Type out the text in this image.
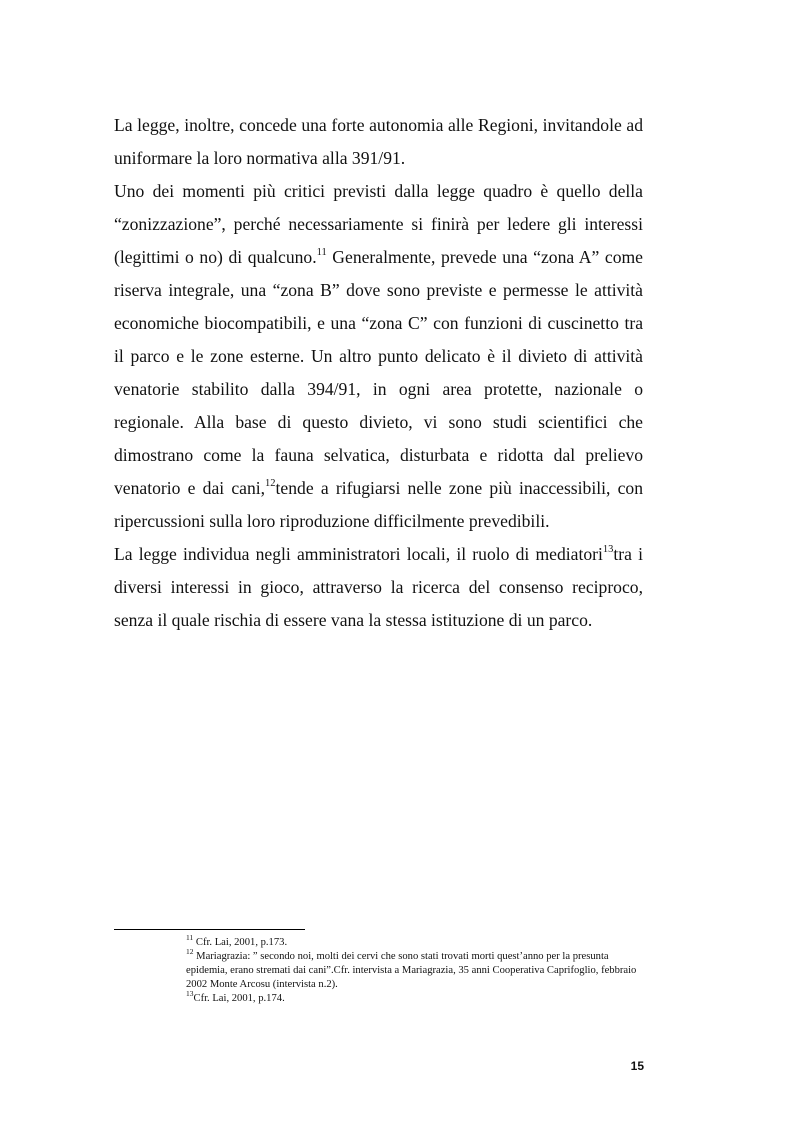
La legge, inoltre, concede una forte autonomia alle Regioni, invitandole ad uniformare la loro normativa alla 391/91.

Uno dei momenti più critici previsti dalla legge quadro è quello della “zonizzazione”, perché necessariamente si finirà per ledere gli interessi (legittimi o no) di qualcuno.$^{11}$ Generalmente, prevede una “zona A” come riserva integrale, una “zona B” dove sono previste e permesse le attività economiche biocompatibili, e una “zona C” con funzioni di cuscinetto tra il parco e le zone esterne. Un altro punto delicato è il divieto di attività venatorie stabilito dalla 394/91, in ogni area protette, nazionale o regionale. Alla base di questo divieto, vi sono studi scientifici che dimostrano come la fauna selvatica, disturbata e ridotta dal prelievo venatorio e dai cani,$^{12}$tende a rifugiarsi nelle zone più inaccessibili, con ripercussioni sulla loro riproduzione difficilmente prevedibili.

La legge individua negli amministratori locali, il ruolo di mediatori$^{13}$tra i diversi interessi in gioco, attraverso la ricerca del consenso reciproco, senza il quale rischia di essere vana la stessa istituzione di un parco.

$^{11}$ Cfr. Lai, 2001, p.173.

$^{12}$ Mariagrazia: ” secondo noi, molti dei cervi che sono stati trovati morti quest’anno per la presunta epidemia, erano stremati dai cani”.Cfr. intervista a Mariagrazia, 35 anni Cooperativa Caprifoglio, febbraio 2002 Monte Arcosu (intervista n.2).

$^{13}$Cfr. Lai, 2001, p.174.

15
